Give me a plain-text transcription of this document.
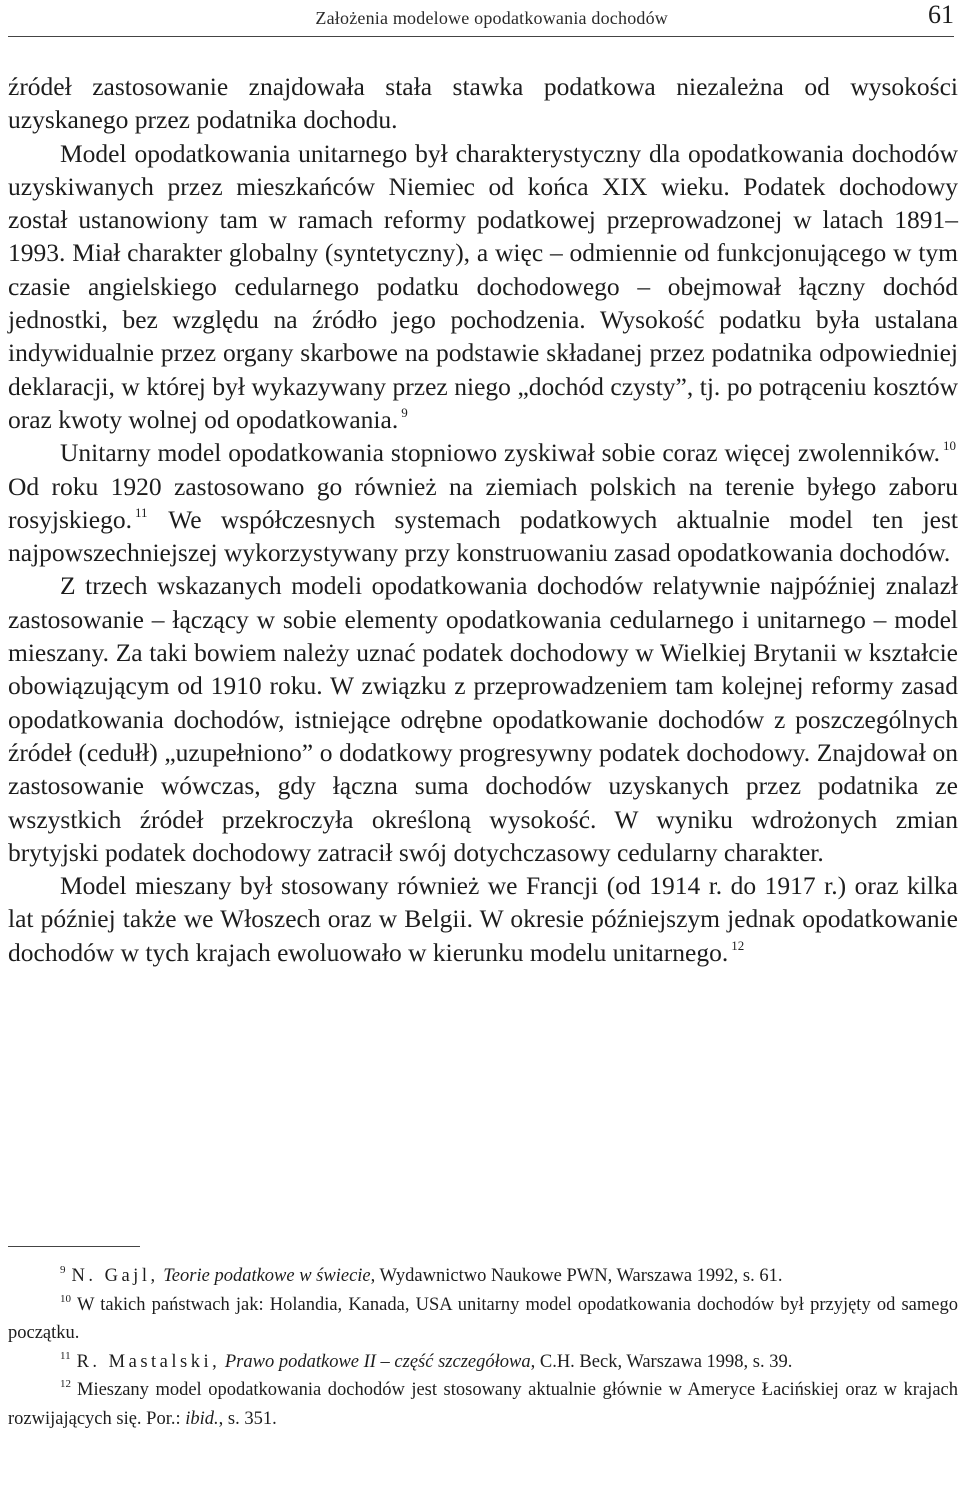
Założenia modelowe opodatkowania dochodów	61

źródeł zastosowanie znajdowała stała stawka podatkowa niezależna od wysokości uzyskanego przez podatnika dochodu.

Model opodatkowania unitarnego był charakterystyczny dla opodatkowania dochodów uzyskiwanych przez mieszkańców Niemiec od końca XIX wieku. Podatek dochodowy został ustanowiony tam w ramach reformy podatkowej przeprowadzonej w latach 1891–1993. Miał charakter globalny (syntetyczny), a więc – odmiennie od funkcjonującego w tym czasie angielskiego cedularnego podatku dochodowego – obejmował łączny dochód jednostki, bez względu na źródło jego pochodzenia. Wysokość podatku była ustalana indywidualnie przez organy skarbowe na podstawie składanej przez podatnika odpowiedniej deklaracji, w której był wykazywany przez niego „dochód czysty”, tj. po potrąceniu kosztów oraz kwoty wolnej od opodatkowania. $^9$

Unitarny model opodatkowania stopniowo zyskiwał sobie coraz więcej zwolenników. $^{10}$ Od roku 1920 zastosowano go również na ziemiach polskich na terenie byłego zaboru rosyjskiego. $^{11}$ We współczesnych systemach podatkowych aktualnie model ten jest najpowszechniejszej wykorzystywany przy konstruowaniu zasad opodatkowania dochodów.

Z trzech wskazanych modeli opodatkowania dochodów relatywnie najpóźniej znalazł zastosowanie – łączący w sobie elementy opodatkowania cedularnego i unitarnego – model mieszany. Za taki bowiem należy uznać podatek dochodowy w Wielkiej Brytanii w kształcie obowiązującym od 1910 roku. W związku z przeprowadzeniem tam kolejnej reformy zasad opodatkowania dochodów, istniejące odrębne opodatkowanie dochodów z poszczególnych źródeł (cedułł) „uzupełniono” o dodatkowy progresywny podatek dochodowy. Znajdował on zastosowanie wówczas, gdy łączna suma dochodów uzyskanych przez podatnika ze wszystkich źródeł przekroczyła określoną wysokość. W wyniku wdrożonych zmian brytyjski podatek dochodowy zatracił swój dotychczasowy cedularny charakter.

Model mieszany był stosowany również we Francji (od 1914 r. do 1917 r.) oraz kilka lat później także we Włoszech oraz w Belgii. W okresie późniejszym jednak opodatkowanie dochodów w tych krajach ewoluowało w kierunku modelu unitarnego. $^{12}$

$^9$ N. Gajl, Teorie podatkowe w świecie, Wydawnictwo Naukowe PWN, Warszawa 1992, s. 61.

$^{10}$ W takich państwach jak: Holandia, Kanada, USA unitarny model opodatkowania dochodów był przyjęty od samego początku.

$^{11}$ R. Mastalski, Prawo podatkowe II – część szczegółowa, C.H. Beck, Warszawa 1998, s. 39.

$^{12}$ Mieszany model opodatkowania dochodów jest stosowany aktualnie głównie w Ameryce Łacińskiej oraz w krajach rozwijających się. Por.: ibid., s. 351.
